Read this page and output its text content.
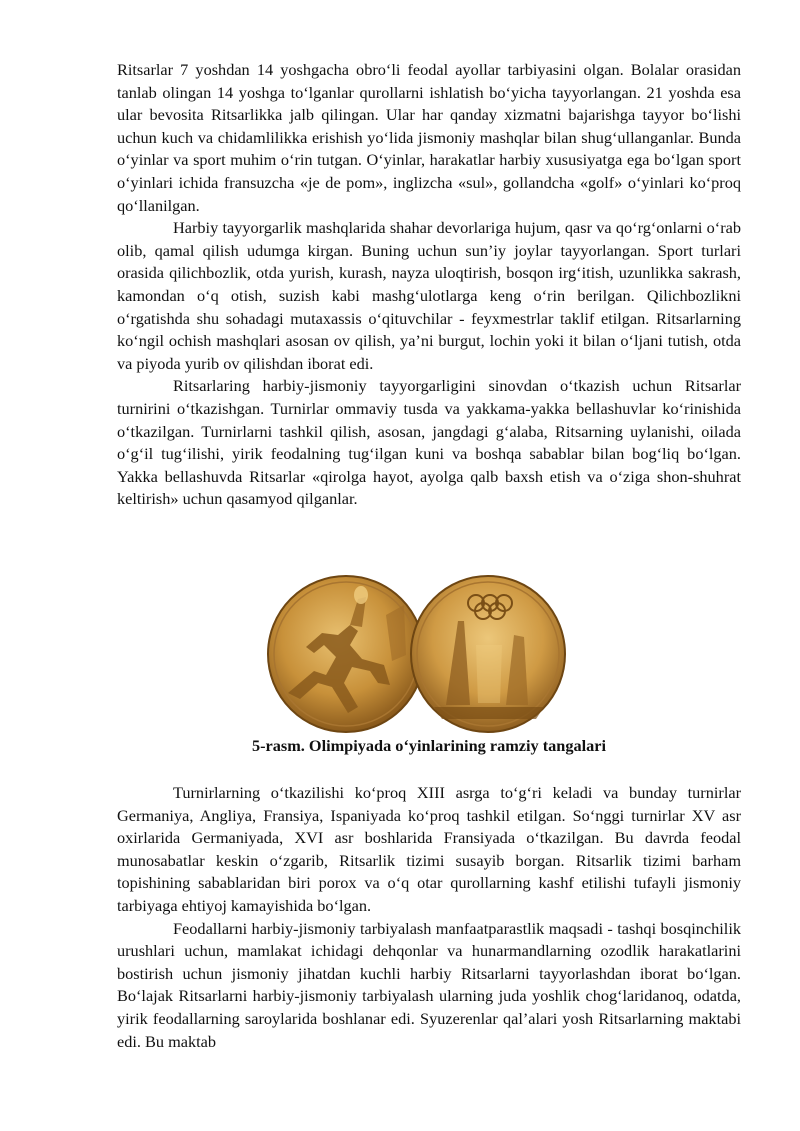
Ritsarlar 7 yoshdan 14 yoshgacha obro‘li feodal ayollar tarbiyasini olgan. Bolalar orasidan tanlab olingan 14 yoshga to‘lganlar qurollarni ishlatish bo‘yicha tayyorlangan. 21 yoshda esa ular bevosita Ritsarlikka jalb qilingan. Ular har qanday xizmatni bajarishga tayyor bo‘lishi uchun kuch va chidamlilikka erishish yo‘lida jismoniy mashqlar bilan shug‘ullanganlar. Bunda o‘yinlar va sport muhim o‘rin tutgan. O‘yinlar, harakatlar harbiy xususiyatga ega bo‘lgan sport o‘yinlari ichida fransuzcha «je de pom», inglizcha «sul», gollandcha «golf» o‘yinlari ko‘proq qo‘llanilgan.

Harbiy tayyorgarlik mashqlarida shahar devorlariga hujum, qasr va qo‘rg‘onlarni o‘rab olib, qamal qilish udumga kirgan. Buning uchun sun’iy joylar tayyorlangan. Sport turlari orasida qilichbozlik, otda yurish, kurash, nayza uloqtirish, bosqon irg‘itish, uzunlikka sakrash, kamondan o‘q otish, suzish kabi mashg‘ulotlarga keng o‘rin berilgan. Qilichbozlikni o‘rgatishda shu sohadagi mutaxassis o‘qituvchilar - feyxmestrlar taklif etilgan. Ritsarlarning ko‘ngil ochish mashqlari asosan ov qilish, ya’ni burgut, lochin yoki it bilan o‘ljani tutish, otda va piyoda yurib ov qilishdan iborat edi.

Ritsarlaring harbiy-jismoniy tayyorgarligini sinovdan o‘tkazish uchun Ritsarlar turnirini o‘tkazishgan. Turnirlar ommaviy tusda va yakkama-yakka bellashuvlar ko‘rinishida o‘tkazilgan. Turnirlarni tashkil qilish, asosan, jangdagi g‘alaba, Ritsarning uylanishi, oilada o‘g‘il tug‘ilishi, yirik feodalning tug‘ilgan kuni va boshqa sabablar bilan bog‘liq bo‘lgan. Yakka bellashuvda Ritsarlar «qirolga hayot, ayolga qalb baxsh etish va o‘ziga shon-shuhrat keltirish» uchun qasamyod qilganlar.

5-rasm. Olimpiyada o‘yinlarining ramziy tangalari

Turnirlarning o‘tkazilishi ko‘proq XIII asrga to‘g‘ri keladi va bunday turnirlar Germaniya, Angliya, Fransiya, Ispaniyada ko‘proq tashkil etilgan. So‘nggi turnirlar XV asr oxirlarida Germaniyada, XVI asr boshlarida Fransiyada o‘tkazilgan. Bu davrda feodal munosabatlar keskin o‘zgarib, Ritsarlik tizimi susayib borgan. Ritsarlik tizimi barham topishining sabablaridan biri porox va o‘q otar qurollarning kashf etilishi tufayli jismoniy tarbiyaga ehtiyoj kamayishida bo‘lgan.

Feodallarni harbiy-jismoniy tarbiyalash manfaatparastlik maqsadi - tashqi bosqinchilik urushlari uchun, mamlakat ichidagi dehqonlar va hunarmandlarning ozodlik harakatlarini bostirish uchun jismoniy jihatdan kuchli harbiy Ritsarlarni tayyorlashdan iborat bo‘lgan. Bo‘lajak Ritsarlarni harbiy-jismoniy tarbiyalash ularning juda yoshlik chog‘laridanoq, odatda, yirik feodallarning saroylarida boshlanar edi. Syuzerenlar qal’alari yosh Ritsarlarning maktabi edi. Bu maktab
